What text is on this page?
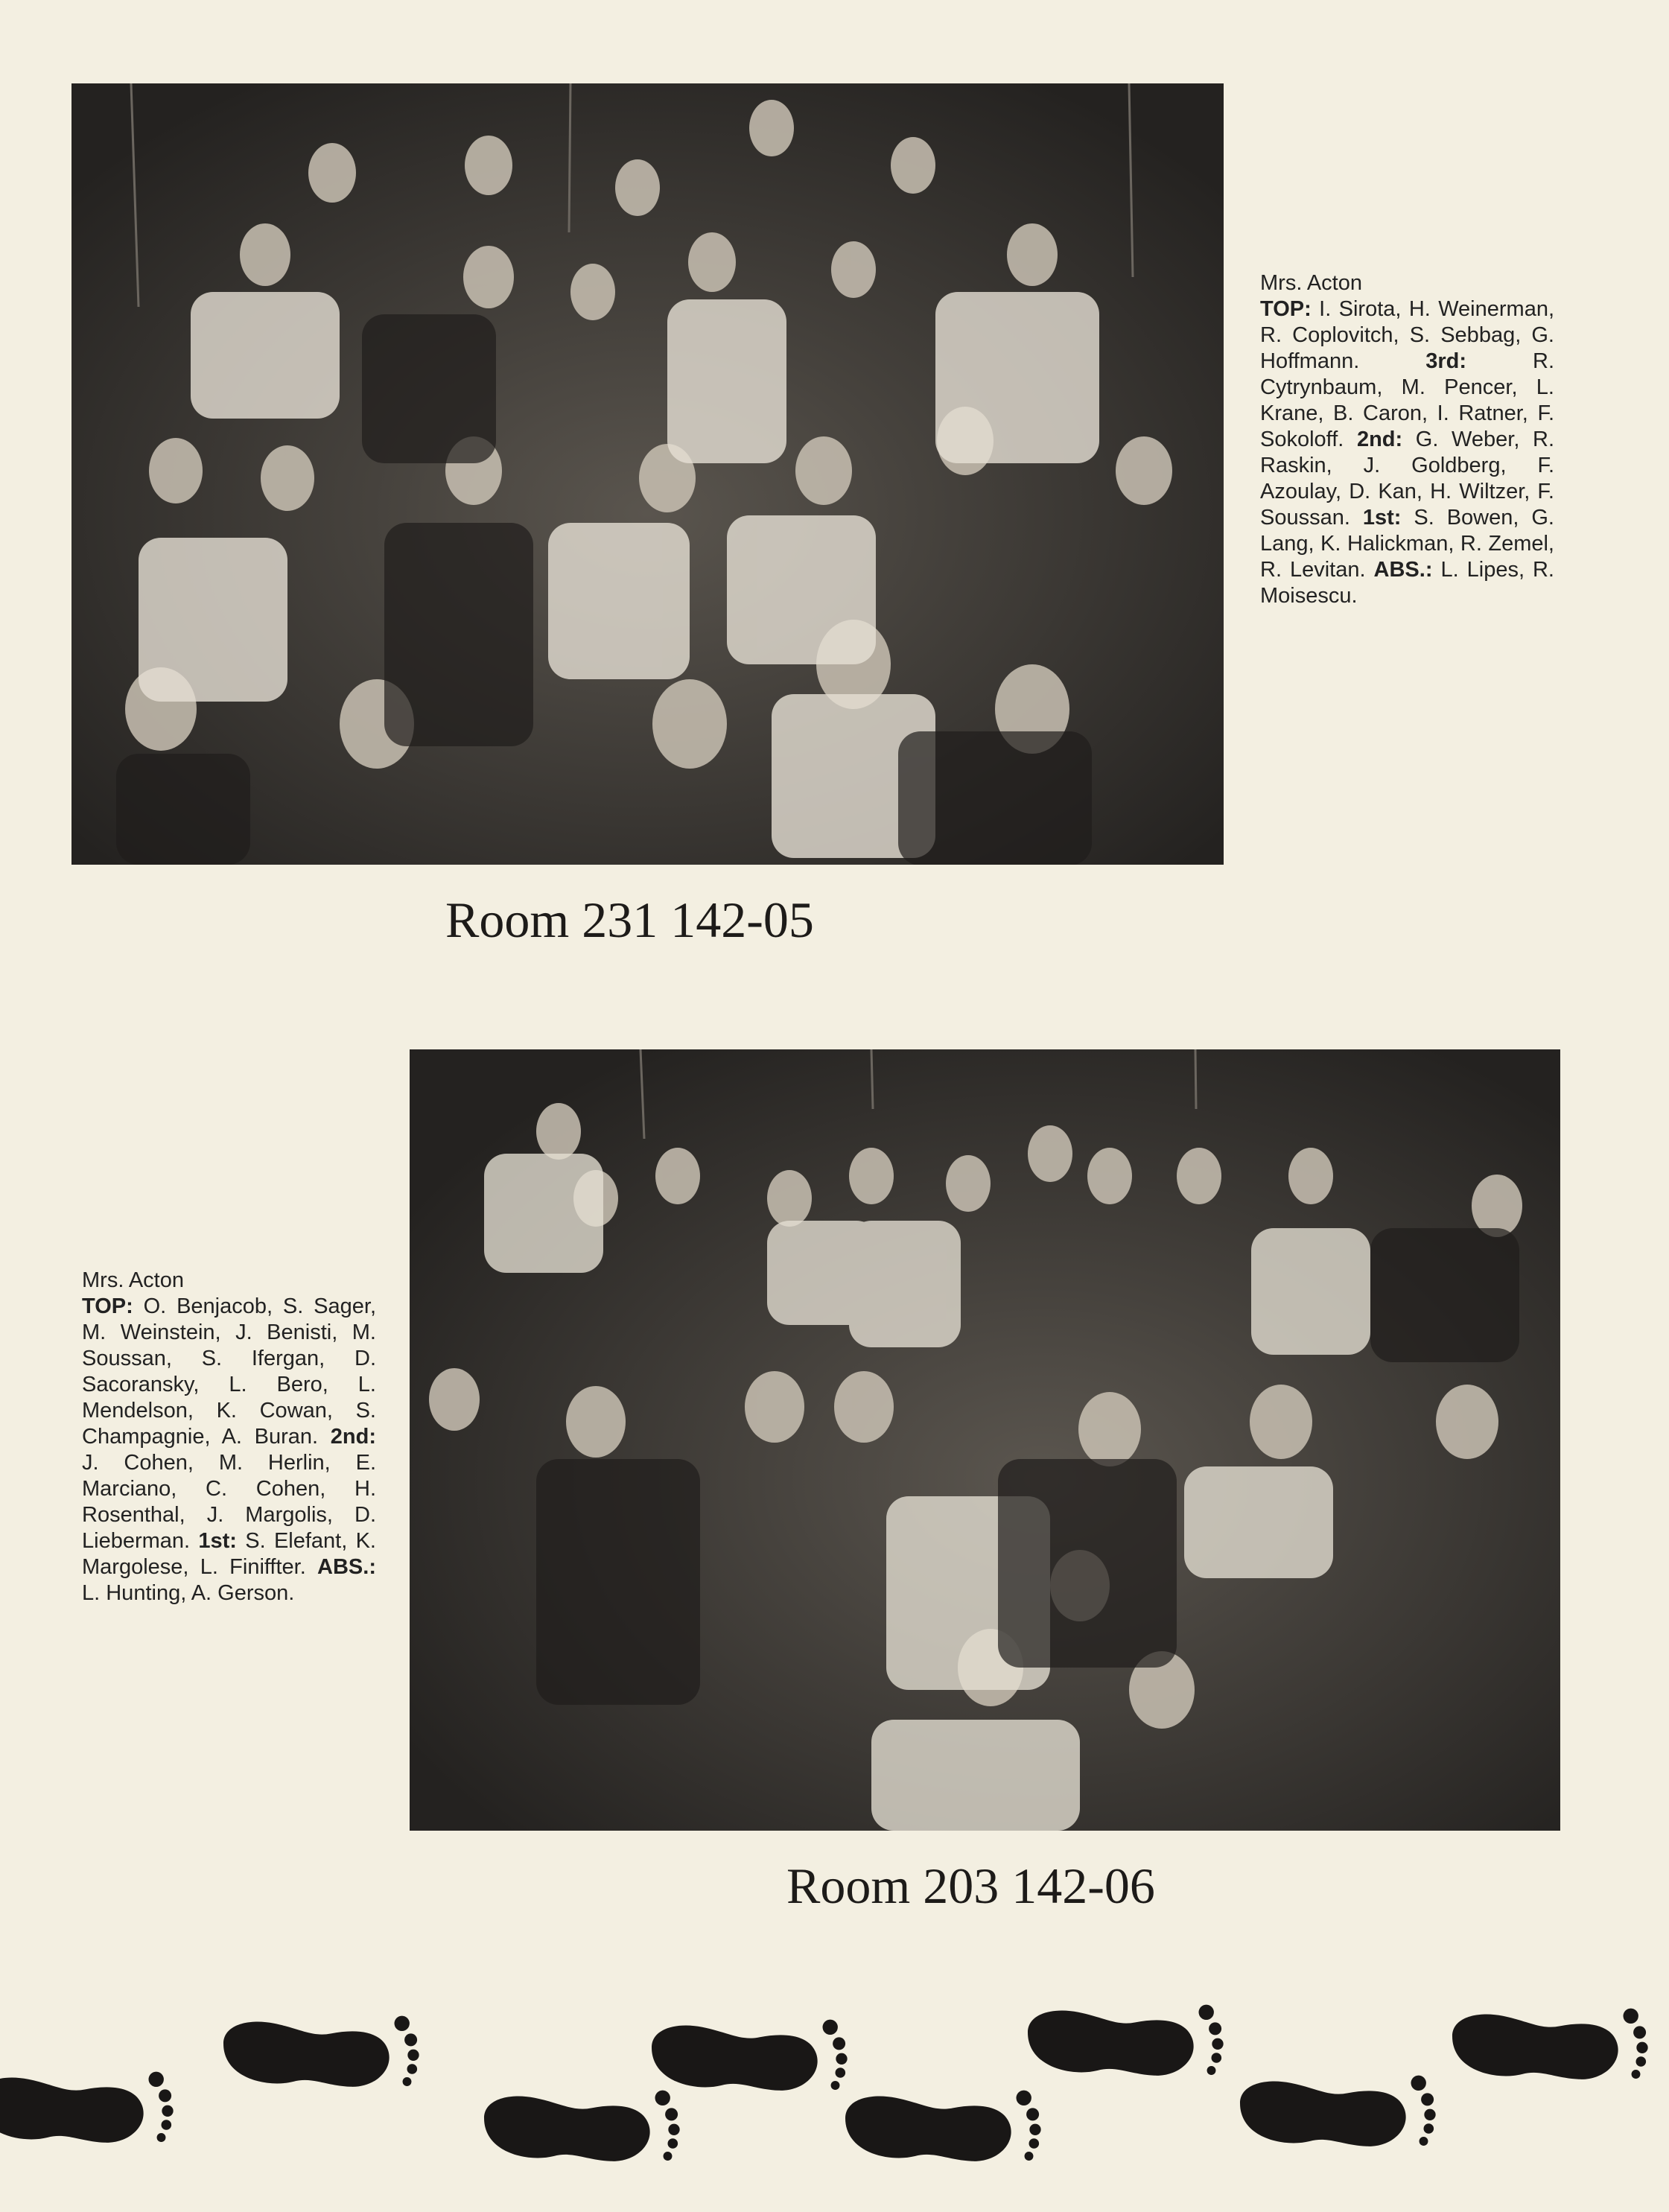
Mrs. Acton
TOP: I. Sirota, H. Weinerman, R. Coplovitch, S. Sebbag, G. Hoffmann.	3rd:	R. Cytrynbaum, M. Pencer, L. Krane, B. Caron, I. Ratner, F. Sokoloff. 2nd: G. Weber, R. Raskin, J. Goldberg, F. Azoulay, D. Kan, H. Wiltzer, F. Soussan. 1st: S. Bowen, G. Lang, K. Halickman, R. Zemel, R. Levitan. ABS.: L. Lipes, R. Moisescu.
Room 231 142-05
Mrs. Acton
TOP: O. Benjacob, S. Sager, M. Weinstein, J. Benisti, M. Soussan, S. Ifergan, D. Sacoransky, L. Bero, L. Mendelson, K. Cowan, S. Champagnie, A. Buran. 2nd: J. Cohen, M. Herlin, E. Marciano, C. Cohen, H. Rosenthal, J. Margolis, D. Lieberman. 1st: S. Elefant, K. Margolese, L. Finiffter. ABS.: L. Hunting, A. Gerson.
Room 203 142-06
